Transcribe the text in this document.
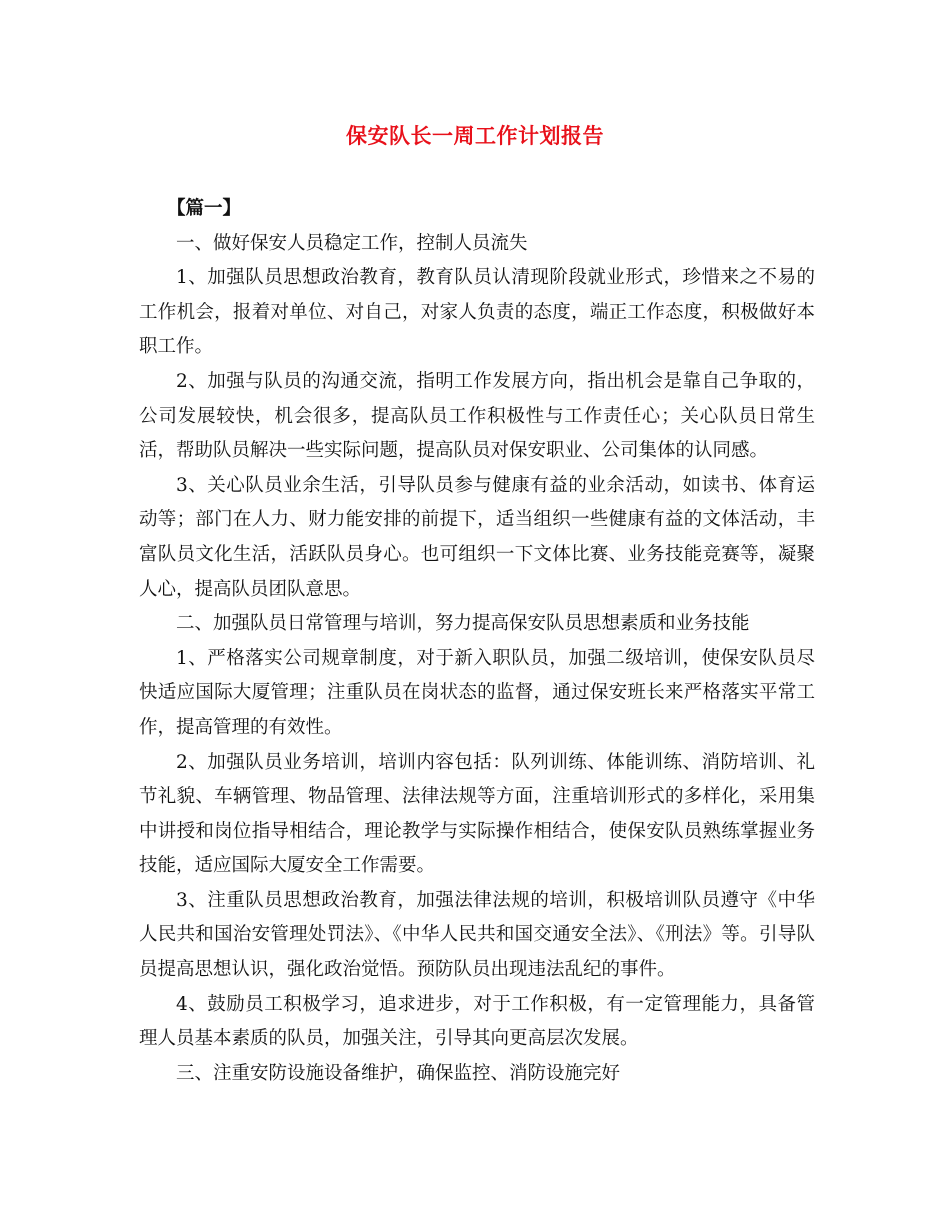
保安队长一周工作计划报告

【篇一】

一、做好保安人员稳定工作，控制人员流失

1、加强队员思想政治教育，教育队员认清现阶段就业形式，珍惜来之不易的工作机会，报着对单位、对自己，对家人负责的态度，端正工作态度，积极做好本职工作。

2、加强与队员的沟通交流，指明工作发展方向，指出机会是靠自己争取的，公司发展较快，机会很多，提高队员工作积极性与工作责任心；关心队员日常生活，帮助队员解决一些实际问题，提高队员对保安职业、公司集体的认同感。

3、关心队员业余生活，引导队员参与健康有益的业余活动，如读书、体育运动等；部门在人力、财力能安排的前提下，适当组织一些健康有益的文体活动，丰富队员文化生活，活跃队员身心。也可组织一下文体比赛、业务技能竞赛等，凝聚人心，提高队员团队意思。

二、加强队员日常管理与培训，努力提高保安队员思想素质和业务技能

1、严格落实公司规章制度，对于新入职队员，加强二级培训，使保安队员尽快适应国际大厦管理；注重队员在岗状态的监督，通过保安班长来严格落实平常工作，提高管理的有效性。

2、加强队员业务培训，培训内容包括：队列训练、体能训练、消防培训、礼节礼貌、车辆管理、物品管理、法律法规等方面，注重培训形式的多样化，采用集中讲授和岗位指导相结合，理论教学与实际操作相结合，使保安队员熟练掌握业务技能，适应国际大厦安全工作需要。

3、注重队员思想政治教育，加强法律法规的培训，积极培训队员遵守《中华人民共和国治安管理处罚法》、《中华人民共和国交通安全法》、《刑法》等。引导队员提高思想认识，强化政治觉悟。预防队员出现违法乱纪的事件。

4、鼓励员工积极学习，追求进步，对于工作积极，有一定管理能力，具备管理人员基本素质的队员，加强关注，引导其向更高层次发展。

三、注重安防设施设备维护，确保监控、消防设施完好
